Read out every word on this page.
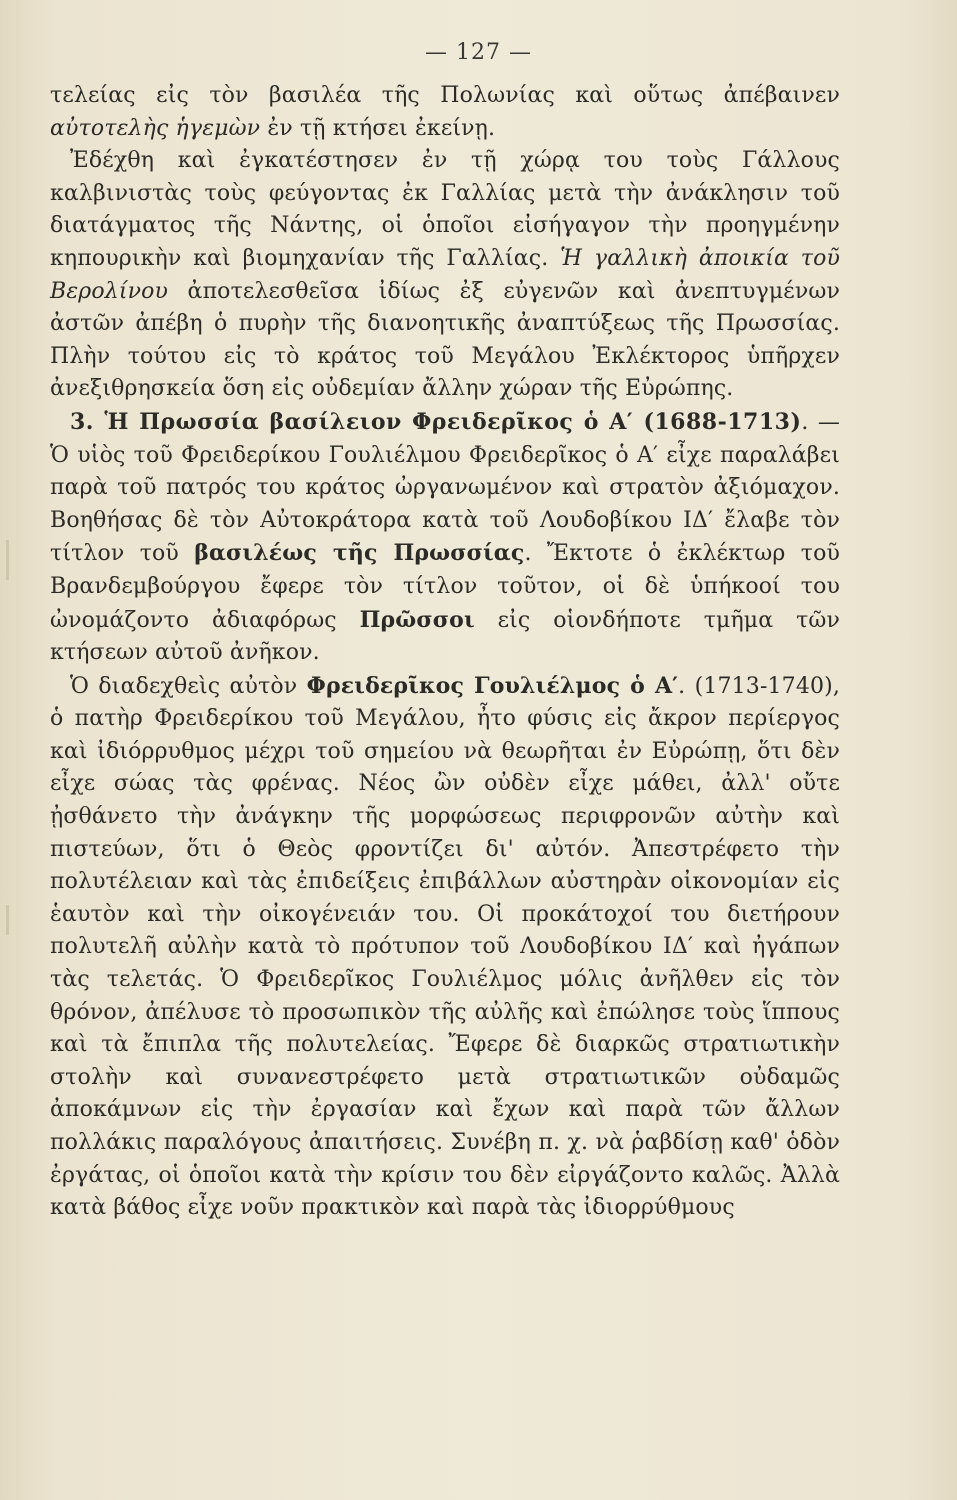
— 127 —

τελείας εἰς τὸν βασιλέα τῆς Πολωνίας καὶ οὕτως ἀπέβαινεν αὐτοτελὴς ἡγεμὼν ἐν τῇ κτήσει ἐκείνῃ.

Ἐδέχθη καὶ ἐγκατέστησεν ἐν τῇ χώρᾳ του τοὺς Γάλλους καλβινιστὰς τοὺς φεύγοντας ἐκ Γαλλίας μετὰ τὴν ἀνάκλησιν τοῦ διατάγματος τῆς Νάντης, οἱ ὁποῖοι εἰσήγαγον τὴν προηγμένην κηπουρικὴν καὶ βιομηχανίαν τῆς Γαλλίας. Ἡ γαλλικὴ ἀποικία τοῦ Βερολίνου ἀποτελεσθεῖσα ἰδίως ἐξ εὐγενῶν καὶ ἀνεπτυγμένων ἀστῶν ἀπέβη ὁ πυρὴν τῆς διανοητικῆς ἀναπτύξεως τῆς Πρωσσίας. Πλὴν τούτου εἰς τὸ κράτος τοῦ Μεγάλου Ἐκλέκτορος ὑπῆρχεν ἀνεξιθρησκεία ὅση εἰς οὐδεμίαν ἄλλην χώραν τῆς Εὐρώπης.

3. Ἡ Πρωσσία βασίλειον Φρειδερῖκος ὁ Α′ (1688-1713). —Ὁ υἱὸς τοῦ Φρειδερίκου Γουλιέλμου Φρειδερῖκος ὁ Α′ εἶχε παραλάβει παρὰ τοῦ πατρός του κράτος ὠργανωμένον καὶ στρατὸν ἀξιόμαχον. Βοηθήσας δὲ τὸν Αὐτοκράτορα κατὰ τοῦ Λουδοβίκου ΙΔ′ ἔλαβε τὸν τίτλον τοῦ βασιλέως τῆς Πρωσσίας. Ἔκτοτε ὁ ἐκλέκτωρ τοῦ Βρανδεμβούργου ἔφερε τὸν τίτλον τοῦτον, οἱ δὲ ὑπήκοοί του ὠνομάζοντο ἀδιαφόρως Πρῶσσοι εἰς οἱονδήποτε τμῆμα τῶν κτήσεων αὐτοῦ ἀνῆκον.

Ὁ διαδεχθεὶς αὐτὸν Φρειδερῖκος Γουλιέλμος ὁ Α′. (1713-1740), ὁ πατὴρ Φρειδερίκου τοῦ Μεγάλου, ἦτο φύσις εἰς ἄκρον περίεργος καὶ ἰδιόρρυθμος μέχρι τοῦ σημείου νὰ θεωρῆται ἐν Εὐρώπῃ, ὅτι δὲν εἶχε σώας τὰς φρένας. Νέος ὢν οὐδὲν εἶχε μάθει, ἀλλ' οὔτε ᾐσθάνετο τὴν ἀνάγκην τῆς μορφώσεως περιφρονῶν αὐτὴν καὶ πιστεύων, ὅτι ὁ Θεὸς φροντίζει δι' αὐτόν. Ἀπεστρέφετο τὴν πολυτέλειαν καὶ τὰς ἐπιδείξεις ἐπιβάλλων αὐστηρὰν οἰκονομίαν εἰς ἑαυτὸν καὶ τὴν οἰκογένειάν του. Οἱ προκάτοχοί του διετήρουν πολυτελῆ αὐλὴν κατὰ τὸ πρότυπον τοῦ Λουδοβίκου ΙΔ′ καὶ ἠγάπων τὰς τελετάς. Ὁ Φρειδερῖκος Γουλιέλμος μόλις ἀνῆλθεν εἰς τὸν θρόνον, ἀπέλυσε τὸ προσωπικὸν τῆς αὐλῆς καὶ ἐπώλησε τοὺς ἵππους καὶ τὰ ἔπιπλα τῆς πολυτελείας. Ἔφερε δὲ διαρκῶς στρατιωτικὴν στολὴν καὶ συνανεστρέφετο μετὰ στρατιωτικῶν οὐδαμῶς ἀποκάμνων εἰς τὴν ἐργασίαν καὶ ἔχων καὶ παρὰ τῶν ἄλλων πολλάκις παραλόγους ἀπαιτήσεις. Συνέβη π. χ. νὰ ῥαβδίσῃ καθ' ὁδὸν ἐργάτας, οἱ ὁποῖοι κατὰ τὴν κρίσιν του δὲν εἰργάζοντο καλῶς. Ἀλλὰ κατὰ βάθος εἶχε νοῦν πρακτικὸν καὶ παρὰ τὰς ἰδιορρύθμους
